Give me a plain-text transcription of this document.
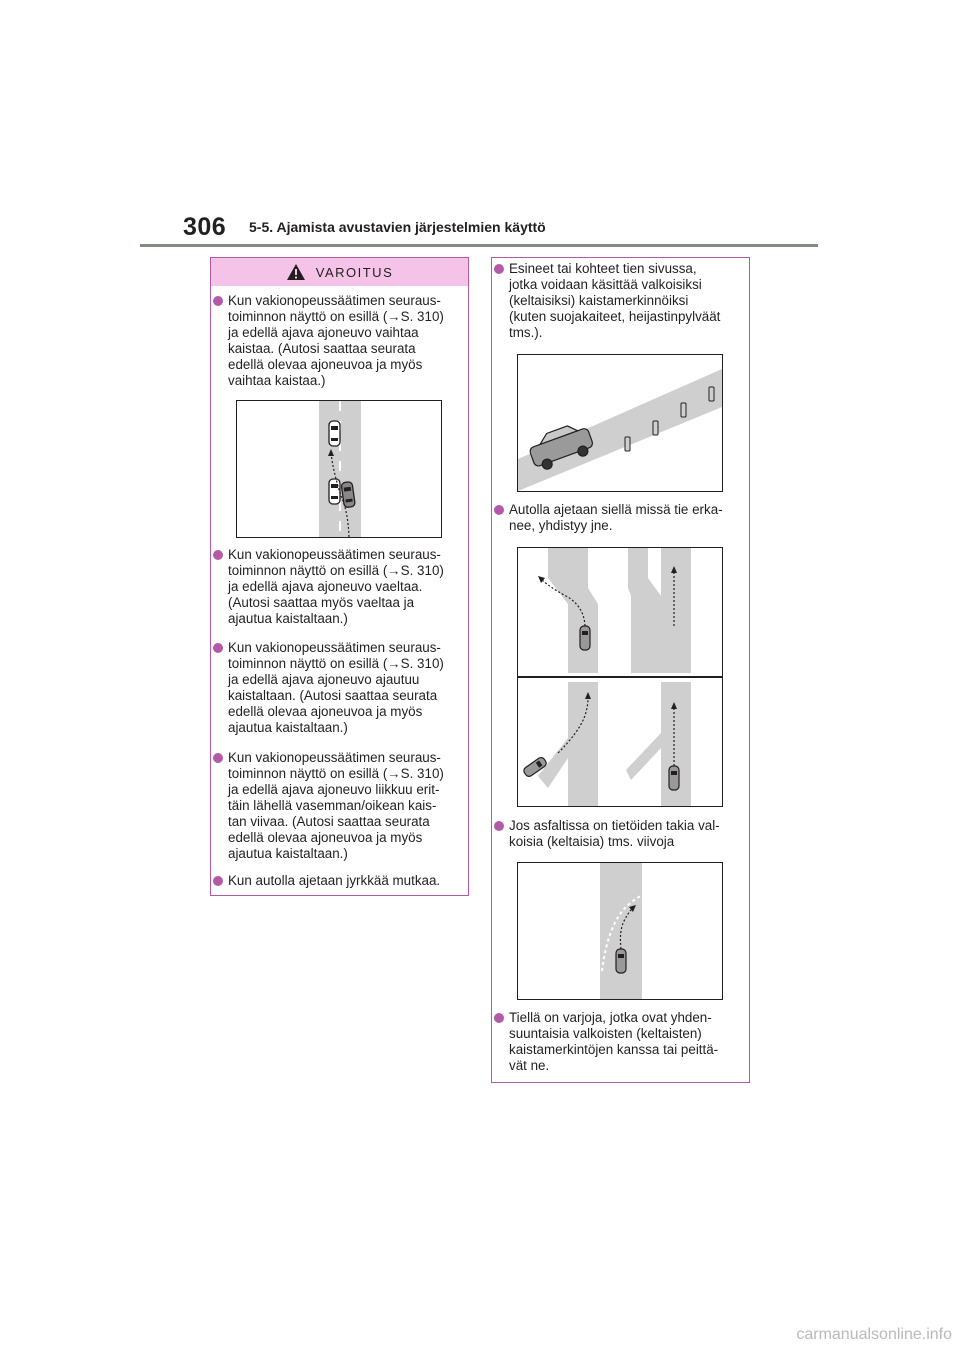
306 5-5. Ajamista avustavien järjestelmien käyttö
VAROITUS
Kun vakionopeussäätimen seuraus-
toiminnon näyttö on esillä (→S. 310)
ja edellä ajava ajoneuvo vaihtaa
kaistaa. (Autosi saattaa seurata
edellä olevaa ajoneuvoa ja myös
vaihtaa kaistaa.)
Kun vakionopeussäätimen seuraus-
toiminnon näyttö on esillä (→S. 310)
ja edellä ajava ajoneuvo vaeltaa.
(Autosi saattaa myös vaeltaa ja
ajautua kaistaltaan.)
Kun vakionopeussäätimen seuraus-
toiminnon näyttö on esillä (→S. 310)
ja edellä ajava ajoneuvo ajautuu
kaistaltaan. (Autosi saattaa seurata
edellä olevaa ajoneuvoa ja myös
ajautua kaistaltaan.)
Kun vakionopeussäätimen seuraus-
toiminnon näyttö on esillä (→S. 310)
ja edellä ajava ajoneuvo liikkuu erit-
täin lähellä vasemman/oikean kais-
tan viivaa. (Autosi saattaa seurata
edellä olevaa ajoneuvoa ja myös
ajautua kaistaltaan.)
Kun autolla ajetaan jyrkkää mutkaa.
Esineet tai kohteet tien sivussa,
jotka voidaan käsittää valkoisiksi
(keltaisiksi) kaistamerkinnöiksi
(kuten suojakaiteet, heijastinpylväät
tms.).
Autolla ajetaan siellä missä tie erka-
nee, yhdistyy jne.
Jos asfaltissa on tietöiden takia val-
koisia (keltaisia) tms. viivoja
Tiellä on varjoja, jotka ovat yhden-
suuntaisia valkoisten (keltaisten)
kaistamerkintöjen kanssa tai peittä-
vät ne.
carmanualsonline.info
